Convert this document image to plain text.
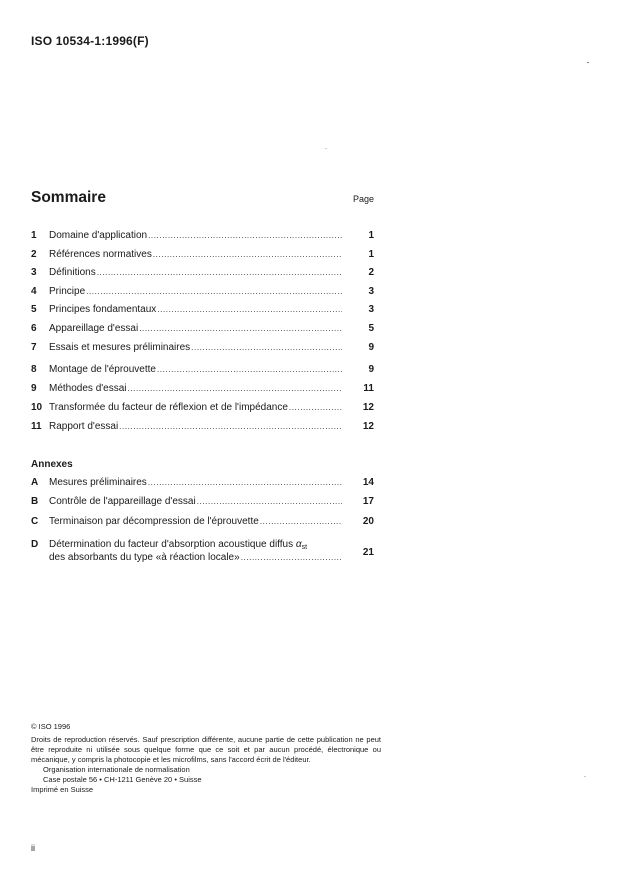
ISO 10534-1:1996(F)
Sommaire	Page
1 Domaine d'application .....	1
2 Références normatives .....	1
3 Définitions .....	2
4 Principe .....	3
5 Principes fondamentaux .....	3
6 Appareillage d'essai .....	5
7 Essais et mesures préliminaires .....	9
8 Montage de l'éprouvette .....	9
9 Méthodes d'essai .....	11
10 Transformée du facteur de réflexion et de l'impédance .....	12
11 Rapport d'essai .....	12
Annexes
A Mesures préliminaires .....	14
B Contrôle de l'appareillage d'essai .....	17
C Terminaison par décompression de l'éprouvette .....	20
D Détermination du facteur d'absorption acoustique diffus $\alpha_{st}$
des absorbants du type «à réaction locale» .....	21
© ISO 1996
Droits de reproduction réservés. Sauf prescription différente, aucune partie de cette publication ne peut être reproduite ni utilisée sous quelque forme que ce soit et par aucun procédé, électronique ou mécanique, y compris la photocopie et les microfilms, sans l'accord écrit de l'éditeur.
Organisation internationale de normalisation
Case postale 56 • CH-1211 Genève 20 • Suisse
Imprimé en Suisse
ii
